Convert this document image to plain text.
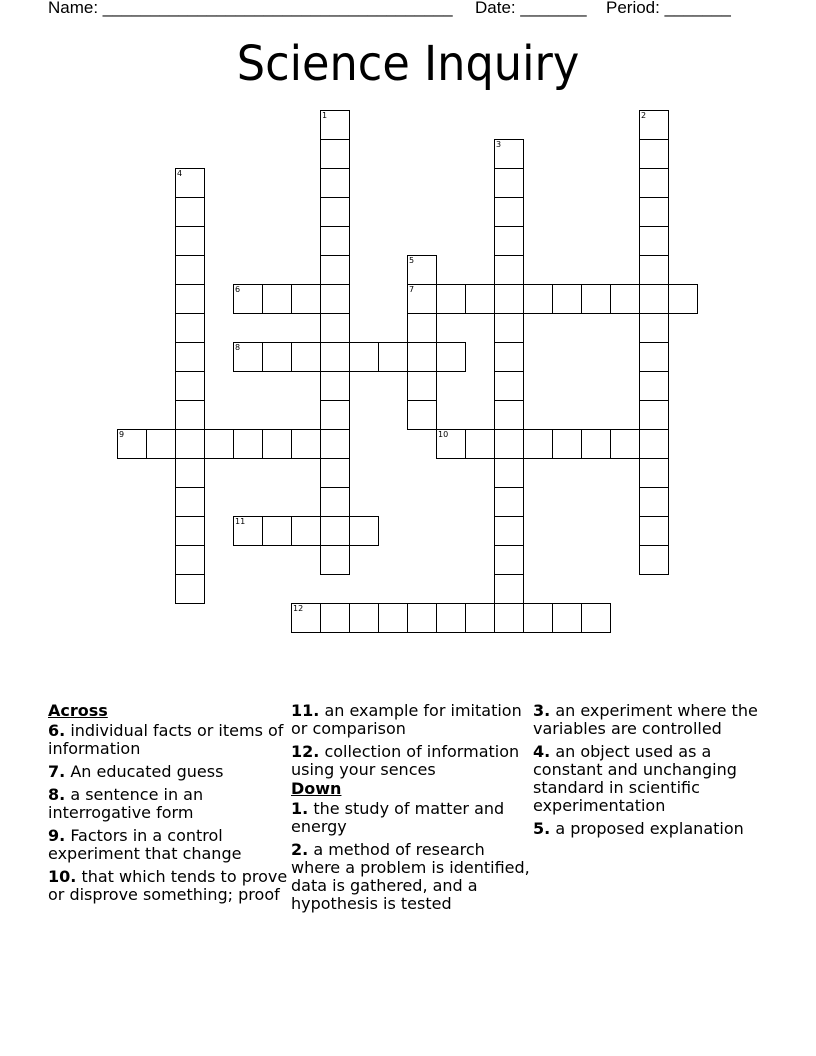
Name: _____________________________________ Date: _______ Period: _______
Science Inquiry
1	2
3
4
5
7
6
8
9	10
11
12
Across
6. individual facts or items of information
7. An educated guess
8. a sentence in an interrogative form
9. Factors in a control experiment that change
10. that which tends to prove or disprove something; proof
11. an example for imitation or comparison
12. collection of information using your sences
Down
1. the study of matter and energy
2. a method of research where a problem is identified, data is gathered, and a hypothesis is tested
3. an experiment where the variables are controlled
4. an object used as a constant and unchanging standard in scientific experimentation
5. a proposed explanation
